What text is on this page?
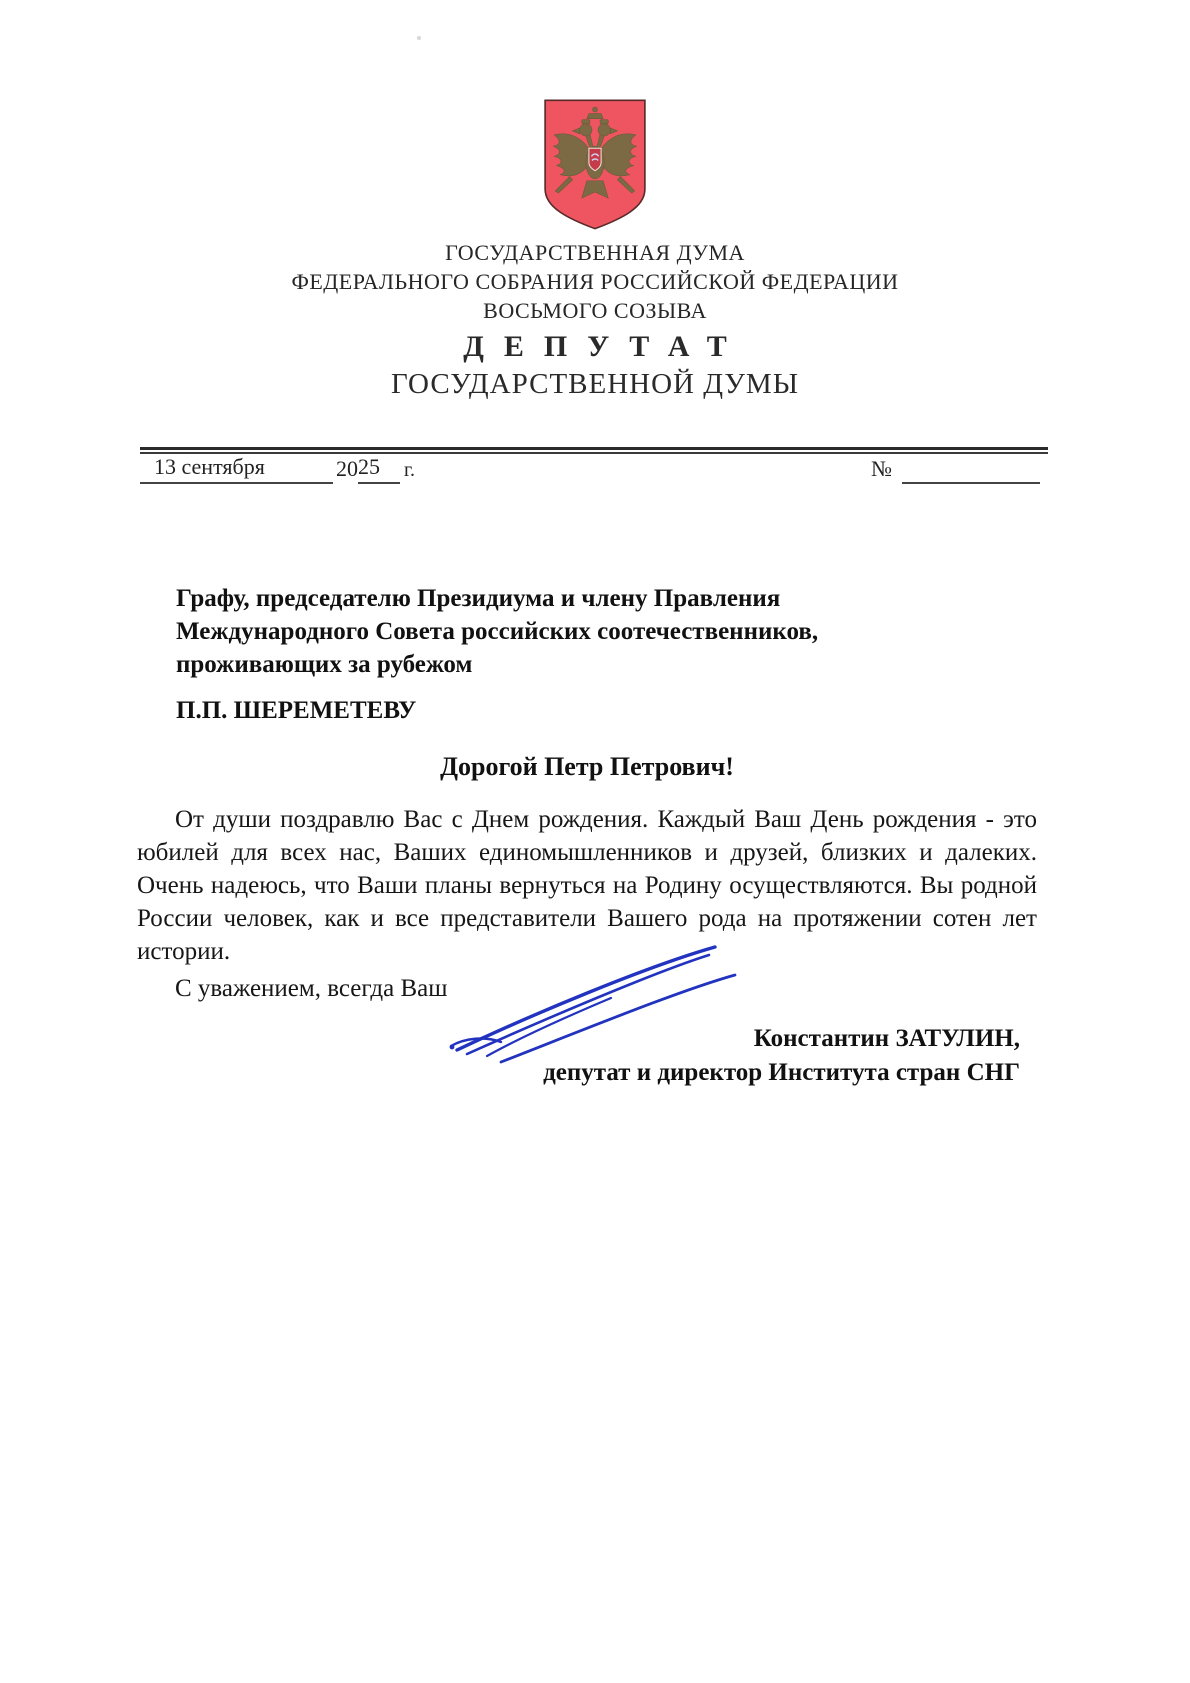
ГОСУДАРСТВЕННАЯ ДУМА
ФЕДЕРАЛЬНОГО СОБРАНИЯ РОССИЙСКОЙ ФЕДЕРАЦИИ
ВОСЬМОГО СОЗЫВА
ДЕПУТАТ
ГОСУДАРСТВЕННОЙ ДУМЫ
13 сентября	20 25	г.	№
Графу, председателю Президиума и члену Правления
Международного Совета российских соотечественников,
проживающих за рубежом
П.П. ШЕРЕМЕТЕВУ
Дорогой Петр Петрович!

От души поздравлю Вас с Днем рождения. Каждый Ваш День рождения - это юбилей для всех нас, Ваших единомышленников и друзей, близких и далеких. Очень надеюсь, что Ваши планы вернуться на Родину осуществляются. Вы родной России человек, как и все представители Вашего рода на протяжении сотен лет истории.

С уважением, всегда Ваш
Константин ЗАТУЛИН,
депутат и директор Института стран СНГ
